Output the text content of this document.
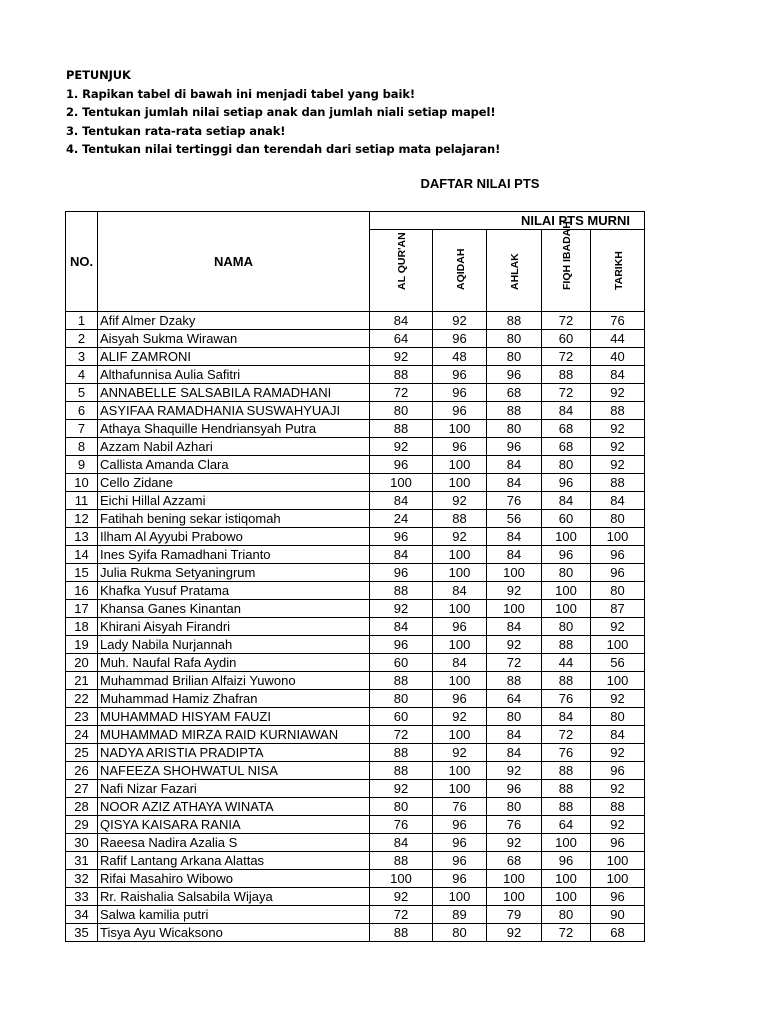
PETUNJUK
1. Rapikan tabel di bawah ini menjadi tabel yang baik!
2. Tentukan jumlah nilai setiap anak dan jumlah niali setiap mapel!
3. Tentukan rata-rata setiap anak!
4. Tentukan nilai tertinggi dan terendah dari setiap mata pelajaran!
DAFTAR NILAI PTS
NO.	NAMA	NILAI PTS MURNI				

		AL QUR'AN	AQIDAH	AHLAK	FIQH IBADAH	TARIKH

1	Afif Almer Dzaky	84	92	88	72	76
2	Aisyah Sukma Wirawan	64	96	80	60	44
3	ALIF ZAMRONI	92	48	80	72	40
4	Althafunnisa Aulia Safitri	88	96	96	88	84
5	ANNABELLE SALSABILA RAMADHANI	72	96	68	72	92
6	ASYIFAA RAMADHANIA SUSWAHYUAJI	80	96	88	84	88
7	Athaya Shaquille Hendriansyah Putra	88	100	80	68	92
8	Azzam Nabil Azhari	92	96	96	68	92
9	Callista Amanda Clara	96	100	84	80	92
10	Cello Zidane	100	100	84	96	88
11	Eichi Hillal Azzami	84	92	76	84	84
12	Fatihah bening sekar istiqomah	24	88	56	60	80
13	Ilham Al Ayyubi Prabowo	96	92	84	100	100
14	Ines Syifa Ramadhani Trianto	84	100	84	96	96
15	Julia Rukma Setyaningrum	96	100	100	80	96
16	Khafka Yusuf Pratama	88	84	92	100	80
17	Khansa Ganes Kinantan	92	100	100	100	87
18	Khirani Aisyah Firandri	84	96	84	80	92
19	Lady Nabila Nurjannah	96	100	92	88	100
20	Muh. Naufal Rafa Aydin	60	84	72	44	56
21	Muhammad Brilian Alfaizi Yuwono	88	100	88	88	100
22	Muhammad Hamiz Zhafran	80	96	64	76	92
23	MUHAMMAD HISYAM FAUZI	60	92	80	84	80
24	MUHAMMAD MIRZA RAID KURNIAWAN	72	100	84	72	84
25	NADYA ARISTIA PRADIPTA	88	92	84	76	92
26	NAFEEZA SHOHWATUL NISA	88	100	92	88	96
27	Nafi Nizar Fazari	92	100	96	88	92
28	NOOR AZIZ ATHAYA WINATA	80	76	80	88	88
29	QISYA KAISARA RANIA	76	96	76	64	92
30	Raeesa Nadira Azalia S	84	96	92	100	96
31	Rafif Lantang Arkana Alattas	88	96	68	96	100
32	Rifai Masahiro Wibowo	100	96	100	100	100
33	Rr. Raishalia Salsabila Wijaya	92	100	100	100	96
34	Salwa kamilia putri	72	89	79	80	90
35	Tisya Ayu Wicaksono	88	80	92	72	68
